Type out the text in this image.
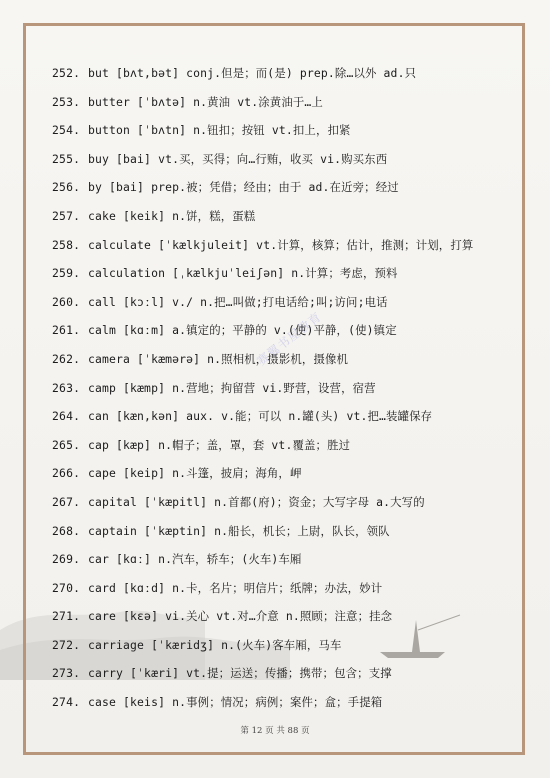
赛翼书屋教育
252. but [bʌt,bət] conj.但是；而(是) prep.除…以外 ad.只
253. butter [ˈbʌtə] n.黄油 vt.涂黄油于…上
254. button [ˈbʌtn] n.钮扣；按钮 vt.扣上，扣紧
255. buy [bai] vt.买，买得；向…行贿，收买 vi.购买东西
256. by [bai] prep.被；凭借；经由；由于 ad.在近旁；经过
257. cake [keik] n.饼，糕，蛋糕
258. calculate [ˈkælkjuleit] vt.计算，核算；估计，推测；计划，打算
259. calculation [ˌkælkjuˈleiʃən] n.计算；考虑，预料
260. call [kɔːl] v./ n.把…叫做;打电话给;叫;访问;电话
261. calm [kɑːm] a.镇定的；平静的 v.(使)平静，(使)镇定
262. camera [ˈkæmərə] n.照相机，摄影机，摄像机
263. camp [kæmp] n.营地；拘留营 vi.野营，设营，宿营
264. can [kæn,kən] aux. v.能；可以 n.罐(头) vt.把…装罐保存
265. cap [kæp] n.帽子；盖，罩，套 vt.覆盖；胜过
266. cape [keip] n.斗篷，披肩；海角，岬
267. capital [ˈkæpitl] n.首都(府)；资金；大写字母 a.大写的
268. captain [ˈkæptin] n.船长，机长；上尉，队长，领队
269. car [kɑː] n.汽车，轿车；(火车)车厢
270. card [kɑːd] n.卡，名片；明信片；纸牌；办法，妙计
271. care [kɛə] vi.关心 vt.对…介意 n.照顾；注意；挂念
272. carriage [ˈkæridʒ] n.(火车)客车厢，马车
273. carry [ˈkæri] vt.提；运送；传播；携带；包含；支撑
274. case [keis] n.事例；情况；病例；案件；盒；手提箱
第 12 页 共 88 页
